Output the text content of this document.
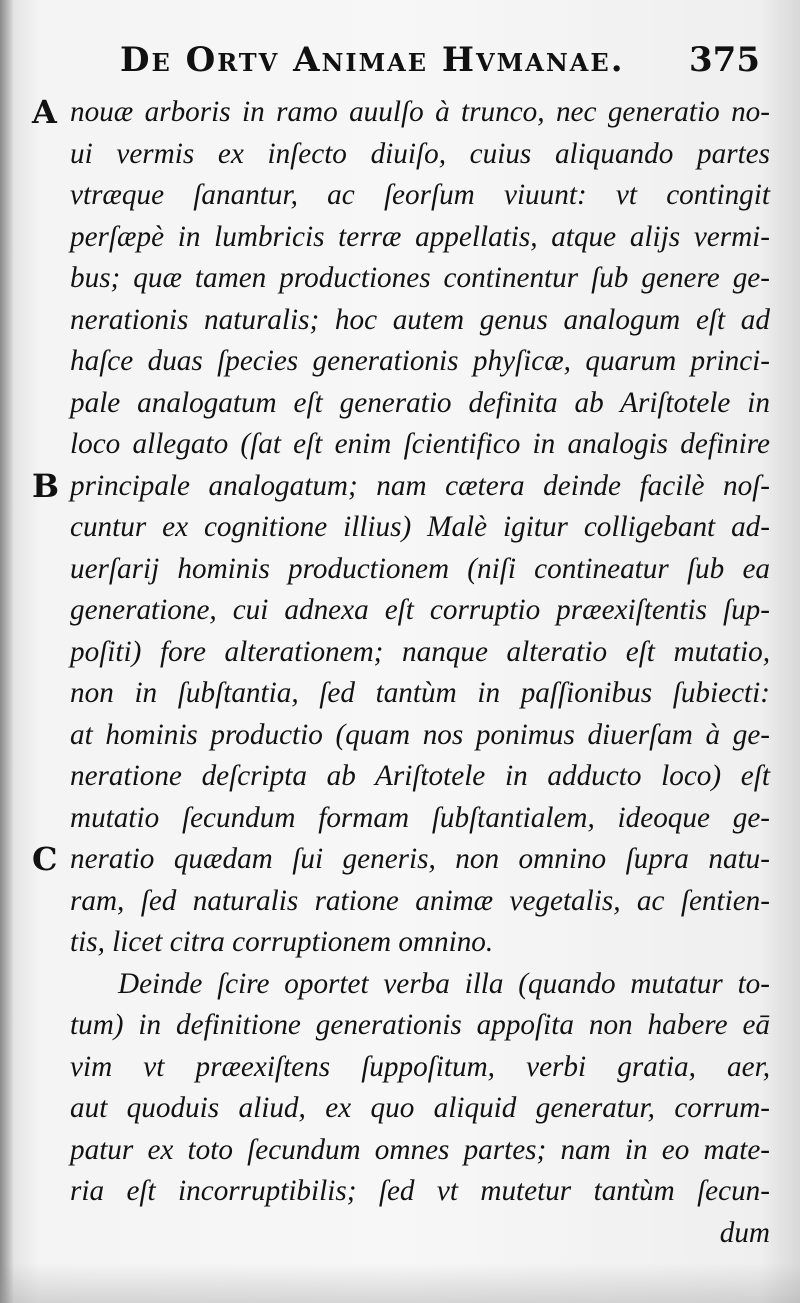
De Ortv Animae Hvmanae. 375
A nouæ arboris in ramo auulſo à trunco, nec generatio no-
ui vermis ex inſecto diuiſo, cuius aliquando partes
vtræque ſanantur, ac ſeorſum viuunt: vt contingit
perſæpè in lumbricis terræ appellatis, atque alijs vermi-
bus; quæ tamen productiones continentur ſub genere ge-
nerationis naturalis; hoc autem genus analogum eſt ad
haſce duas ſpecies generationis phyſicæ, quarum princi-
pale analogatum eſt generatio definita ab Ariſtotele in
loco allegato (ſat eſt enim ſcientifico in analogis definire
B principale analogatum; nam cætera deinde facilè noſ-
cuntur ex cognitione illius) Malè igitur colligebant ad-
uerſarij hominis productionem (niſi contineatur ſub ea
generatione, cui adnexa eſt corruptio præexiſtentis ſup-
poſiti) fore alterationem; nanque alteratio eſt mutatio,
non in ſubſtantia, ſed tantùm in paſſionibus ſubiecti:
at hominis productio (quam nos ponimus diuerſam à ge-
neratione deſcripta ab Ariſtotele in adducto loco) eſt
mutatio ſecundum formam ſubſtantialem, ideoque ge-
C neratio quædam ſui generis, non omnino ſupra natu-
ram, ſed naturalis ratione animæ vegetalis, ac ſentien-
tis, licet citra corruptionem omnino.
Deinde ſcire oportet verba illa (quando mutatur to-
tum) in definitione generationis appoſita non habere eā
vim vt præexiſtens ſuppoſitum, verbi gratia, aer,
aut quoduis aliud, ex quo aliquid generatur, corrum-
patur ex toto ſecundum omnes partes; nam in eo mate-
ria eſt incorruptibilis; ſed vt mutetur tantùm ſecun-
dum
